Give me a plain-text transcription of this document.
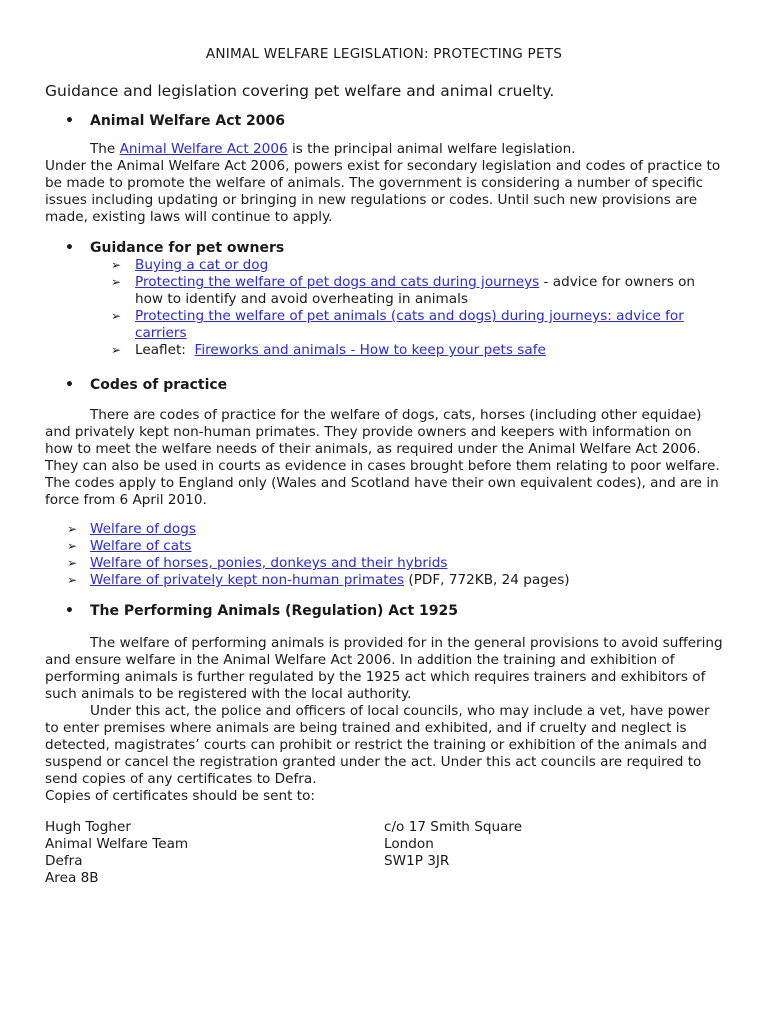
ANIMAL WELFARE LEGISLATION: PROTECTING PETS

Guidance and legislation covering pet welfare and animal cruelty.

• Animal Welfare Act 2006

The Animal Welfare Act 2006 is the principal animal welfare legislation.

Under the Animal Welfare Act 2006, powers exist for secondary legislation and codes of practice to be made to promote the welfare of animals. The government is considering a number of specific issues including updating or bringing in new regulations or codes. Until such new provisions are made, existing laws will continue to apply.

• Guidance for pet owners
➢ Buying a cat or dog
➢ Protecting the welfare of pet dogs and cats during journeys - advice for owners on how to identify and avoid overheating in animals
➢ Protecting the welfare of pet animals (cats and dogs) during journeys: advice for carriers
➢ Leaflet:  Fireworks and animals - How to keep your pets safe
• Codes of practice

There are codes of practice for the welfare of dogs, cats, horses (including other equidae) and privately kept non-human primates. They provide owners and keepers with information on how to meet the welfare needs of their animals, as required under the Animal Welfare Act 2006. They can also be used in courts as evidence in cases brought before them relating to poor welfare. The codes apply to England only (Wales and Scotland have their own equivalent codes), and are in force from 6 April 2010.

➢ Welfare of dogs
➢ Welfare of cats
➢ Welfare of horses, ponies, donkeys and their hybrids
➢ Welfare of privately kept non-human primates (PDF, 772KB, 24 pages)
• The Performing Animals (Regulation) Act 1925

The welfare of performing animals is provided for in the general provisions to avoid suffering and ensure welfare in the Animal Welfare Act 2006. In addition the training and exhibition of performing animals is further regulated by the 1925 act which requires trainers and exhibitors of such animals to be registered with the local authority.

Under this act, the police and officers of local councils, who may include a vet, have power to enter premises where animals are being trained and exhibited, and if cruelty and neglect is detected, magistrates’ courts can prohibit or restrict the training or exhibition of the animals and suspend or cancel the registration granted under the act. Under this act councils are required to send copies of any certificates to Defra.

Copies of certificates should be sent to:

Hugh Togher
Animal Welfare Team
Defra
Area 8B
c/o 17 Smith Square
London
SW1P 3JR
